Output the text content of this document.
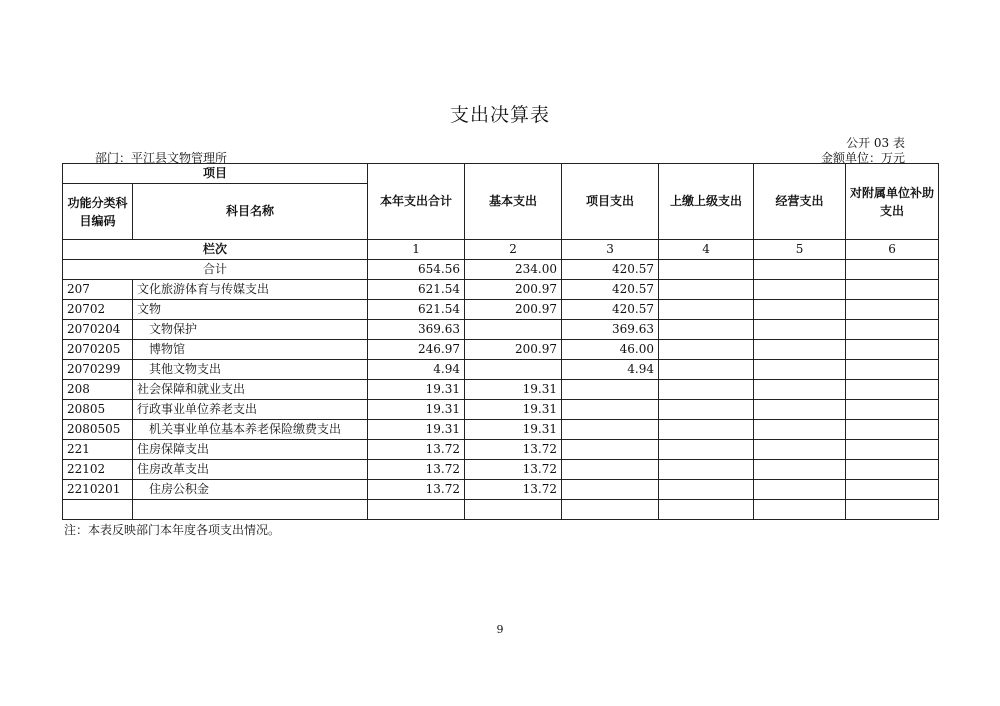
支出决算表
公开 03 表
部门：平江县文物管理所	金额单位：万元
项目		本年支出合计	基本支出	项目支出	上缴上级支出	经营支出	对附属单位补助支出
功能分类科目编码	科目名称						
栏次		1	2	3	4	5	6
合计		654.56	234.00	420.57			
207	文化旅游体育与传媒支出	621.54	200.97	420.57			
20702	文物	621.54	200.97	420.57			
2070204	文物保护	369.63		369.63			
2070205	博物馆	246.97	200.97	46.00			
2070299	其他文物支出	4.94		4.94			
208	社会保障和就业支出	19.31	19.31				
20805	行政事业单位养老支出	19.31	19.31				
2080505	机关事业单位基本养老保险缴费支出	19.31	19.31				
221	住房保障支出	13.72	13.72				
22102	住房改革支出	13.72	13.72				
2210201	住房公积金	13.72	13.72				

注：本表反映部门本年度各项支出情况。
9
